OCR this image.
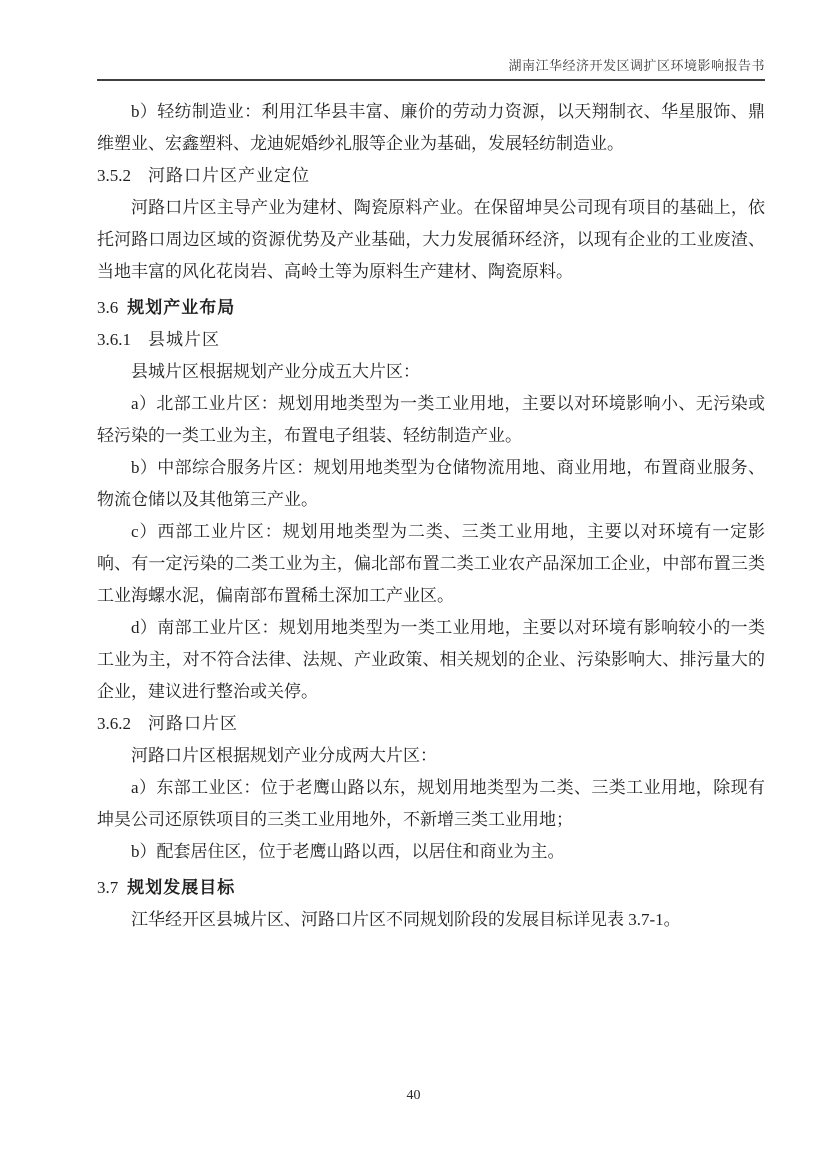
湖南江华经济开发区调扩区环境影响报告书

b）轻纺制造业：利用江华县丰富、廉价的劳动力资源，以天翔制衣、华星服饰、鼎维塑业、宏鑫塑料、龙迪妮婚纱礼服等企业为基础，发展轻纺制造业。

3.5.2 河路口片区产业定位

河路口片区主导产业为建材、陶瓷原料产业。在保留坤昊公司现有项目的基础上，依托河路口周边区域的资源优势及产业基础，大力发展循环经济，以现有企业的工业废渣、当地丰富的风化花岗岩、高岭土等为原料生产建材、陶瓷原料。

3.6 规划产业布局

3.6.1 县城片区

县城片区根据规划产业分成五大片区：

a）北部工业片区：规划用地类型为一类工业用地，主要以对环境影响小、无污染或轻污染的一类工业为主，布置电子组装、轻纺制造产业。

b）中部综合服务片区：规划用地类型为仓储物流用地、商业用地，布置商业服务、物流仓储以及其他第三产业。

c）西部工业片区：规划用地类型为二类、三类工业用地，主要以对环境有一定影响、有一定污染的二类工业为主，偏北部布置二类工业农产品深加工企业，中部布置三类工业海螺水泥，偏南部布置稀土深加工产业区。

d）南部工业片区：规划用地类型为一类工业用地，主要以对环境有影响较小的一类工业为主，对不符合法律、法规、产业政策、相关规划的企业、污染影响大、排污量大的企业，建议进行整治或关停。

3.6.2 河路口片区

河路口片区根据规划产业分成两大片区：

a）东部工业区：位于老鹰山路以东，规划用地类型为二类、三类工业用地，除现有坤昊公司还原铁项目的三类工业用地外，不新增三类工业用地；

b）配套居住区，位于老鹰山路以西，以居住和商业为主。

3.7 规划发展目标

江华经开区县城片区、河路口片区不同规划阶段的发展目标详见表 3.7-1。

40
